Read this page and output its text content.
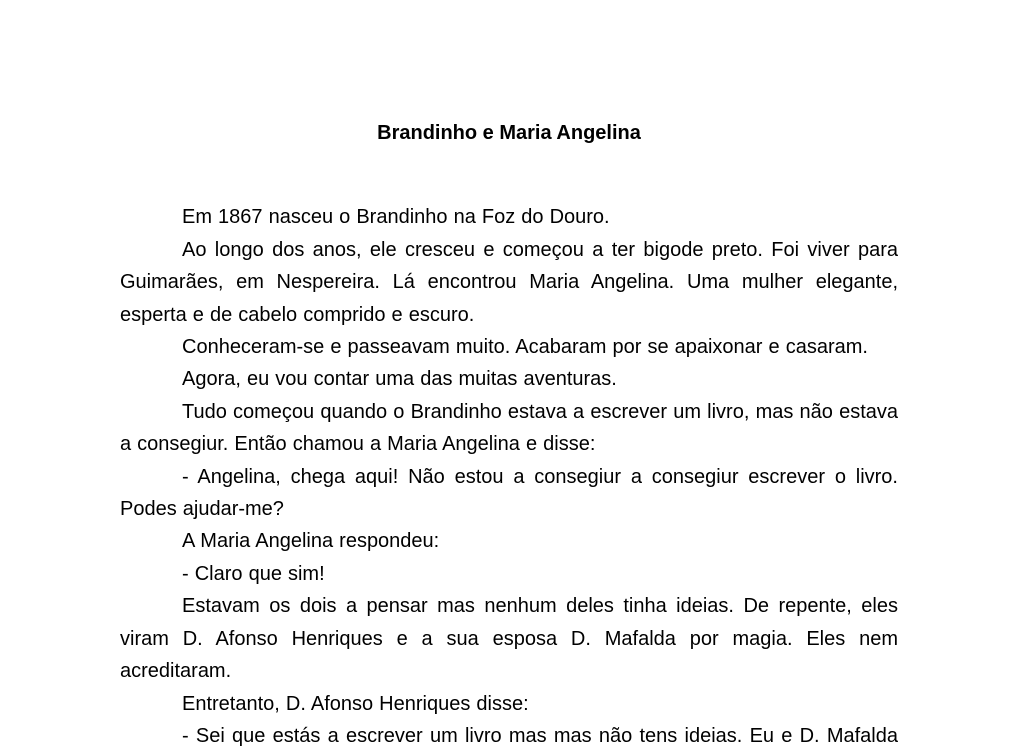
Brandinho e Maria Angelina

Em 1867 nasceu o Brandinho na Foz do Douro.

Ao longo dos anos, ele cresceu e começou a ter bigode preto. Foi viver para Guimarães, em Nespereira. Lá encontrou Maria Angelina. Uma mulher elegante, esperta e de cabelo comprido e escuro.

Conheceram-se e passeavam muito. Acabaram por se apaixonar e casaram.

Agora, eu vou contar uma das muitas aventuras.

Tudo começou quando o Brandinho estava a escrever um livro, mas não estava a consegiur. Então chamou a Maria Angelina e disse:

- Angelina, chega aqui! Não estou a consegiur a consegiur escrever o livro. Podes ajudar-me?

A Maria Angelina respondeu:

- Claro que sim!

Estavam os dois a pensar mas nenhum deles tinha ideias. De repente, eles viram D. Afonso Henriques e a sua esposa D. Mafalda por magia. Eles nem acreditaram.

Entretanto, D. Afonso Henriques disse:

- Sei que estás a escrever um livro mas mas não tens ideias. Eu e D. Mafalda
